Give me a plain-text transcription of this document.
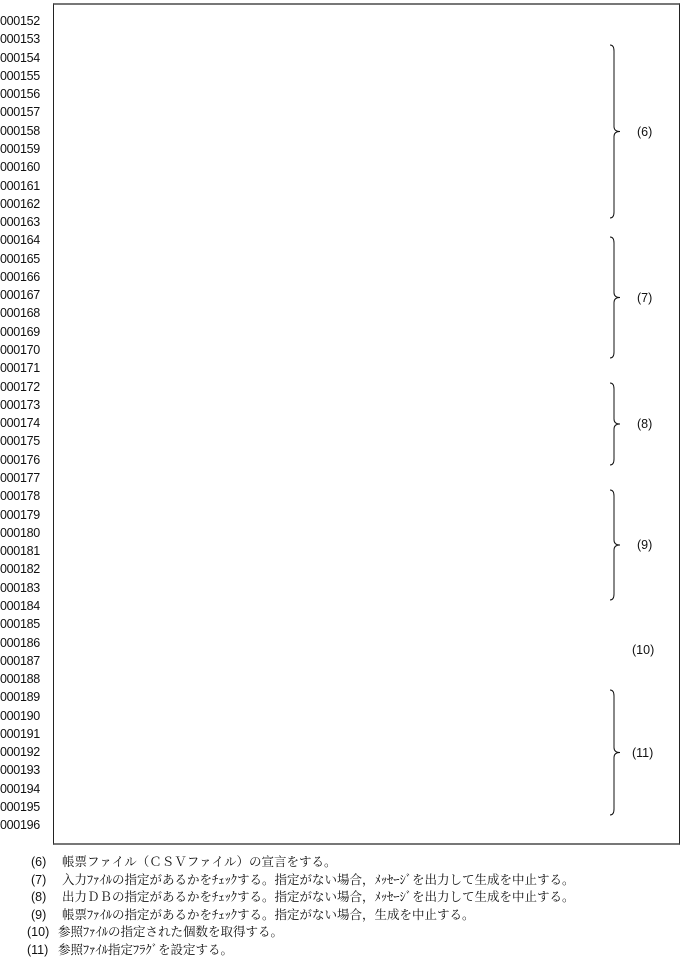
000152
000153
000154
000155
000156
000157
000158
000159
000160
000161
000162
000163
000164
000165
000166
000167
000168
000169
000170
000171
000172
000173
000174
000175
000176
000177
000178
000179
000180
000181
000182
000183
000184
000185
000186
000187
000188
000189
000190
000191
000192
000193
000194
000195
000196
(6) 帳票ファイル（ＣＳＶファイル）の宣言をする。
(7) 入力ﾌｧｲﾙの指定があるかをﾁｪｯｸする。指定がない場合，ﾒｯｾｰｼﾞを出力して生成を中止する。
(8) 出力ＤＢの指定があるかをﾁｪｯｸする。指定がない場合，ﾒｯｾｰｼﾞを出力して生成を中止する。
(9) 帳票ﾌｧｲﾙの指定があるかをﾁｪｯｸする。指定がない場合，生成を中止する。
(10) 参照ﾌｧｲﾙの指定された個数を取得する。
(11) 参照ﾌｧｲﾙ指定ﾌﾗｸﾞを設定する。
(6)
(7)
(8)
(9)
(10)
(11)
